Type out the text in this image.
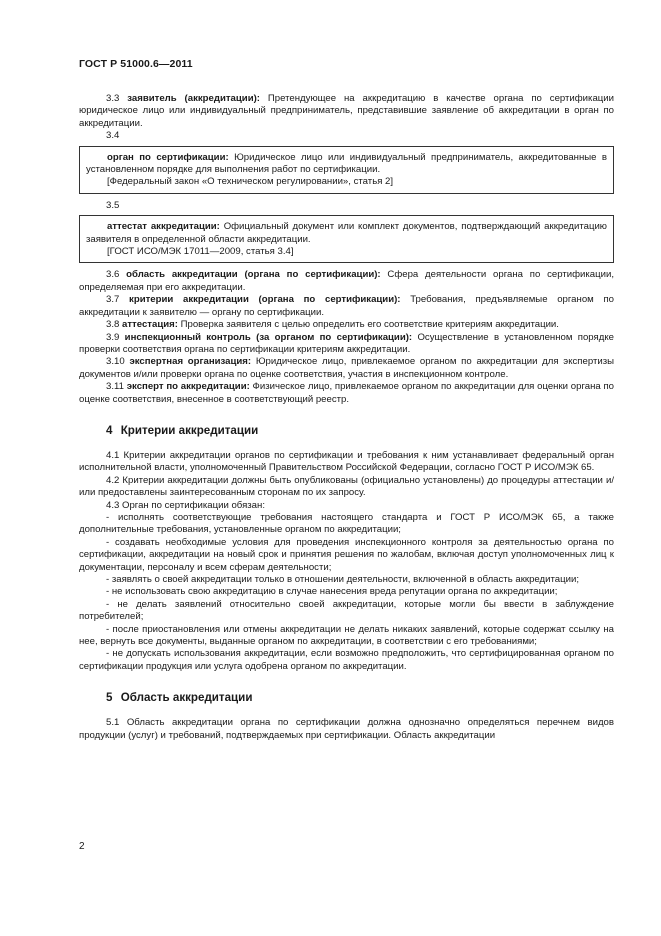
ГОСТ Р 51000.6—2011

3.3 заявитель (аккредитации): Претендующее на аккредитацию в качестве органа по сертификации юридическое лицо или индивидуальный предприниматель, представившие заявление об аккредитации в орган по аккредитации.

3.4

орган по сертификации: Юридическое лицо или индивидуальный предприниматель, аккредитованные в установленном порядке для выполнения работ по сертификации.

[Федеральный закон «О техническом регулировании», статья 2]

3.5

аттестат аккредитации: Официальный документ или комплект документов, подтверждающий аккредитацию заявителя в определенной области аккредитации.

[ГОСТ ИСО/МЭК 17011—2009, статья 3.4]

3.6 область аккредитации (органа по сертификации): Сфера деятельности органа по сертификации, определяемая при его аккредитации.

3.7 критерии аккредитации (органа по сертификации): Требования, предъявляемые органом по аккредитации к заявителю — органу по сертификации.

3.8 аттестация: Проверка заявителя с целью определить его соответствие критериям аккредитации.

3.9 инспекционный контроль (за органом по сертификации): Осуществление в установленном порядке проверки соответствия органа по сертификации критериям аккредитации.

3.10 экспертная организация: Юридическое лицо, привлекаемое органом по аккредитации для экспертизы документов и/или проверки органа по оценке соответствия, участия в инспекционном контроле.

3.11 эксперт по аккредитации: Физическое лицо, привлекаемое органом по аккредитации для оценки органа по оценке соответствия, внесенное в соответствующий реестр.

4 Критерии аккредитации

4.1 Критерии аккредитации органов по сертификации и требования к ним устанавливает федеральный орган исполнительной власти, уполномоченный Правительством Российской Федерации, согласно ГОСТ Р ИСО/МЭК 65.

4.2 Критерии аккредитации должны быть опубликованы (официально установлены) до процедуры аттестации и/или предоставлены заинтересованным сторонам по их запросу.

4.3 Орган по сертификации обязан:

- исполнять соответствующие требования настоящего стандарта и ГОСТ Р ИСО/МЭК 65, а также дополнительные требования, установленные органом по аккредитации;

- создавать необходимые условия для проведения инспекционного контроля за деятельностью органа по сертификации, аккредитации на новый срок и принятия решения по жалобам, включая доступ уполномоченных лиц к документации, персоналу и всем сферам деятельности;

- заявлять о своей аккредитации только в отношении деятельности, включенной в область аккредитации;

- не использовать свою аккредитацию в случае нанесения вреда репутации органа по аккредитации;

- не делать заявлений относительно своей аккредитации, которые могли бы ввести в заблуждение потребителей;

- после приостановления или отмены аккредитации не делать никаких заявлений, которые содержат ссылку на нее, вернуть все документы, выданные органом по аккредитации, в соответствии с его требованиями;

- не допускать использования аккредитации, если возможно предположить, что сертифицированная органом по сертификации продукция или услуга одобрена органом по аккредитации.

5 Область аккредитации

5.1 Область аккредитации органа по сертификации должна однозначно определяться перечнем видов продукции (услуг) и требований, подтверждаемых при сертификации. Область аккредитации

2
